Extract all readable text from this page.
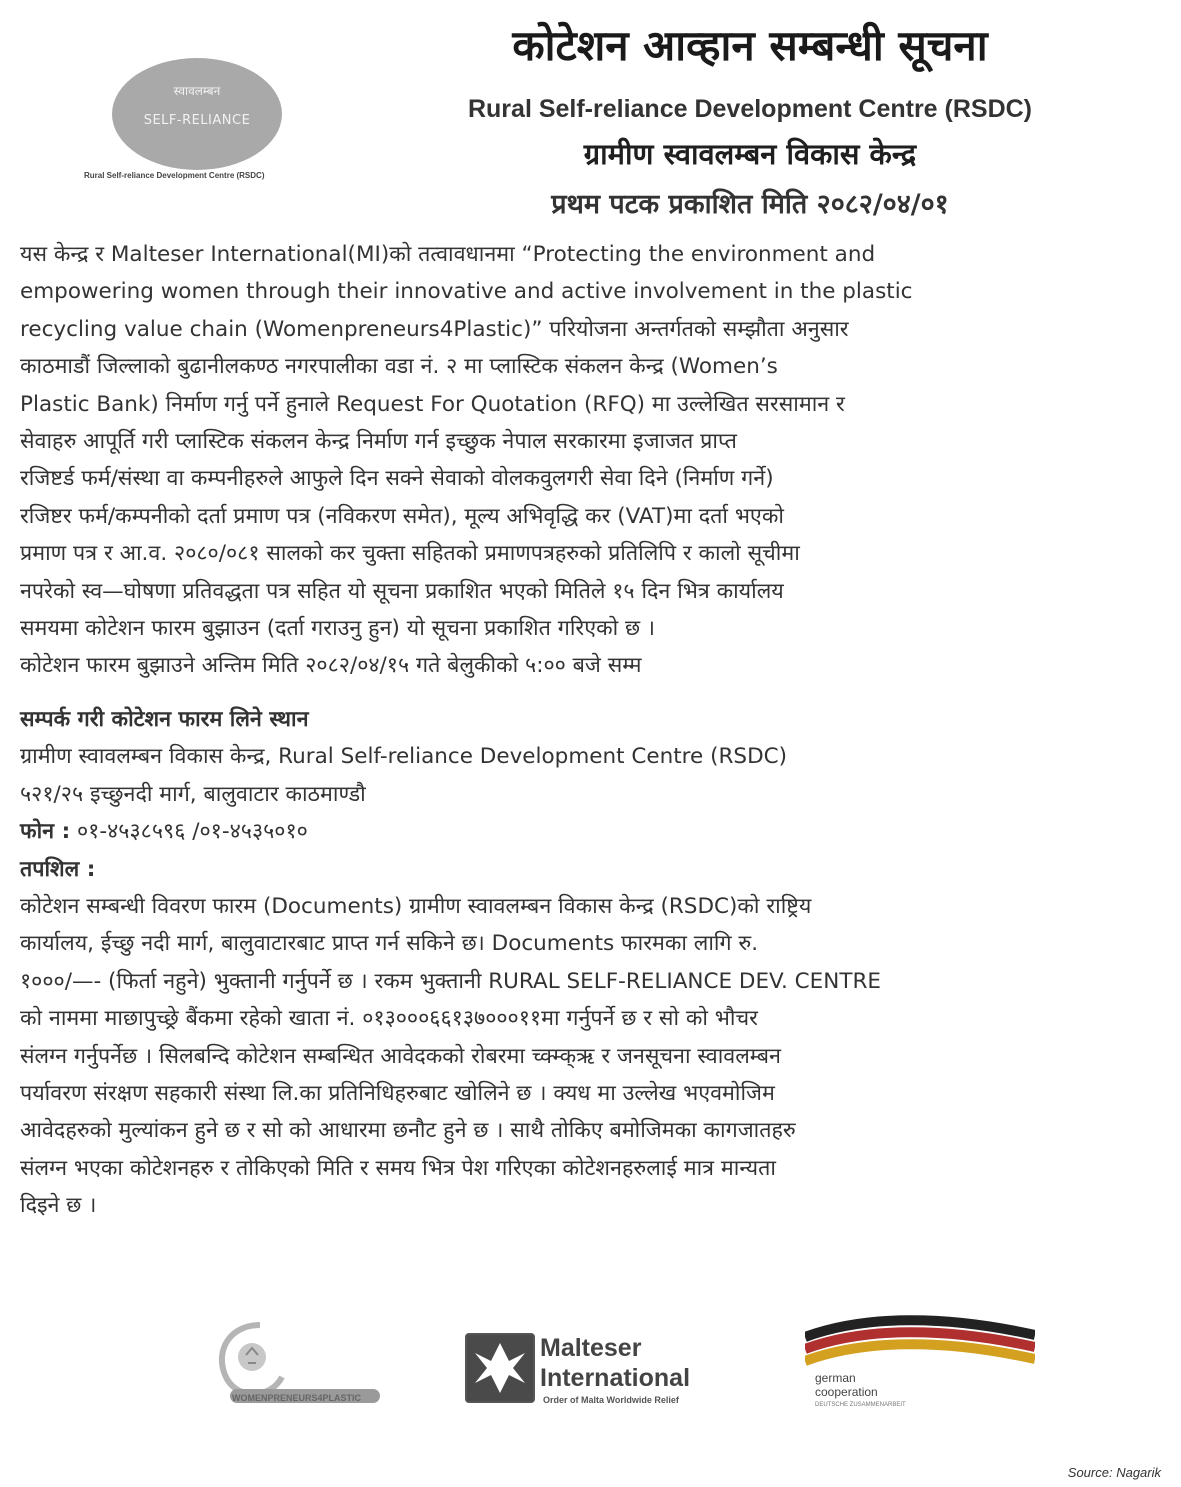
स्वावलम्बन
SELF-RELIANCE
Rural Self-reliance Development Centre (RSDC)
कोटेशन आव्हान सम्बन्धी सूचना
Rural Self-reliance Development Centre (RSDC)
ग्रामीण स्वावलम्बन विकास केन्द्र
प्रथम पटक प्रकाशित मिति २०८२/०४/०१
यस केन्द्र र Malteser International(MI)को तत्वावधानमा “Protecting the environment and
empowering women through their innovative and active involvement in the plastic
recycling value chain (Womenpreneurs4Plastic)” परियोजना अन्तर्गतको सम्झौता अनुसार
काठमाडौं जिल्लाको बुढानीलकण्ठ नगरपालीका वडा नं. २ मा प्लास्टिक संकलन केन्द्र (Women’s
Plastic Bank) निर्माण गर्नु पर्ने हुनाले Request For Quotation (RFQ) मा उल्लेखित सरसामान र
सेवाहरु आपूर्ति गरी प्लास्टिक संकलन केन्द्र निर्माण गर्न इच्छुक नेपाल सरकारमा इजाजत प्राप्त
रजिष्टर्ड फर्म/संस्था वा कम्पनीहरुले आफुले दिन सक्ने सेवाको वोलकवुलगरी सेवा दिने (निर्माण गर्ने)
रजिष्टर फर्म/कम्पनीको दर्ता प्रमाण पत्र (नविकरण समेत), मूल्य अभिवृद्धि कर (VAT)मा दर्ता भएको
प्रमाण पत्र र आ.व. २०८०/०८१ सालको कर चुक्ता सहितको प्रमाणपत्रहरुको प्रतिलिपि र कालो सूचीमा
नपरेको स्व—घोषणा प्रतिवद्धता पत्र सहित यो सूचना प्रकाशित भएको मितिले १५ दिन भित्र कार्यालय
समयमा कोटेशन फारम बुझाउन (दर्ता गराउनु हुन) यो सूचना प्रकाशित गरिएको छ ।
कोटेशन फारम बुझाउने अन्तिम मिति २०८२/०४/१५ गते बेलुकीको ५:०० बजे सम्म
सम्पर्क गरी कोटेशन फारम लिने स्थान
ग्रामीण स्वावलम्बन विकास केन्द्र, Rural Self-reliance Development Centre (RSDC)
५२१/२५ इच्छुनदी मार्ग, बालुवाटार काठमाण्डौ
फोन : ०१-४५३८५९६ /०१-४५३५०१०
तपशिल :
कोटेशन सम्बन्धी विवरण फारम (Documents) ग्रामीण स्वावलम्बन विकास केन्द्र (RSDC)को राष्ट्रिय
कार्यालय, ईच्छु नदी मार्ग, बालुवाटारबाट प्राप्त गर्न सकिने छ। Documents फारमका लागि रु.
१०००/—- (फिर्ता नहुने) भुक्तानी गर्नुपर्ने छ । रकम भुक्तानी RURAL SELF-RELIANCE DEV. CENTRE
को नाममा माछापुच्छ्रे बैंकमा रहेको खाता नं. ०१३०००६६१३७०००११मा गर्नुपर्ने छ र सो को भौचर
संलग्न गर्नुपर्नेछ । सिलबन्दि कोटेशन सम्बन्धित आवेदकको रोबरमा च्क्म्क्ऋ र जनसूचना स्वावलम्बन
पर्यावरण संरक्षण सहकारी संस्था लि.का प्रतिनिधिहरुबाट खोलिने छ । क्यध मा उल्लेख भएवमोजिम
आवेदहरुको मुल्यांकन हुने छ र सो को आधारमा छनौट हुने छ । साथै तोकिए बमोजिमका कागजातहरु
संलग्न भएका कोटेशनहरु र तोकिएको मिति र समय भित्र पेश गरिएका कोटेशनहरुलाई मात्र मान्यता
दिइने छ ।
WOMENPRENEURS4PLASTIC
Malteser
International
Order of Malta Worldwide Relief
german
cooperation
DEUTSCHE ZUSAMMENARBEIT
Source: Nagarik
